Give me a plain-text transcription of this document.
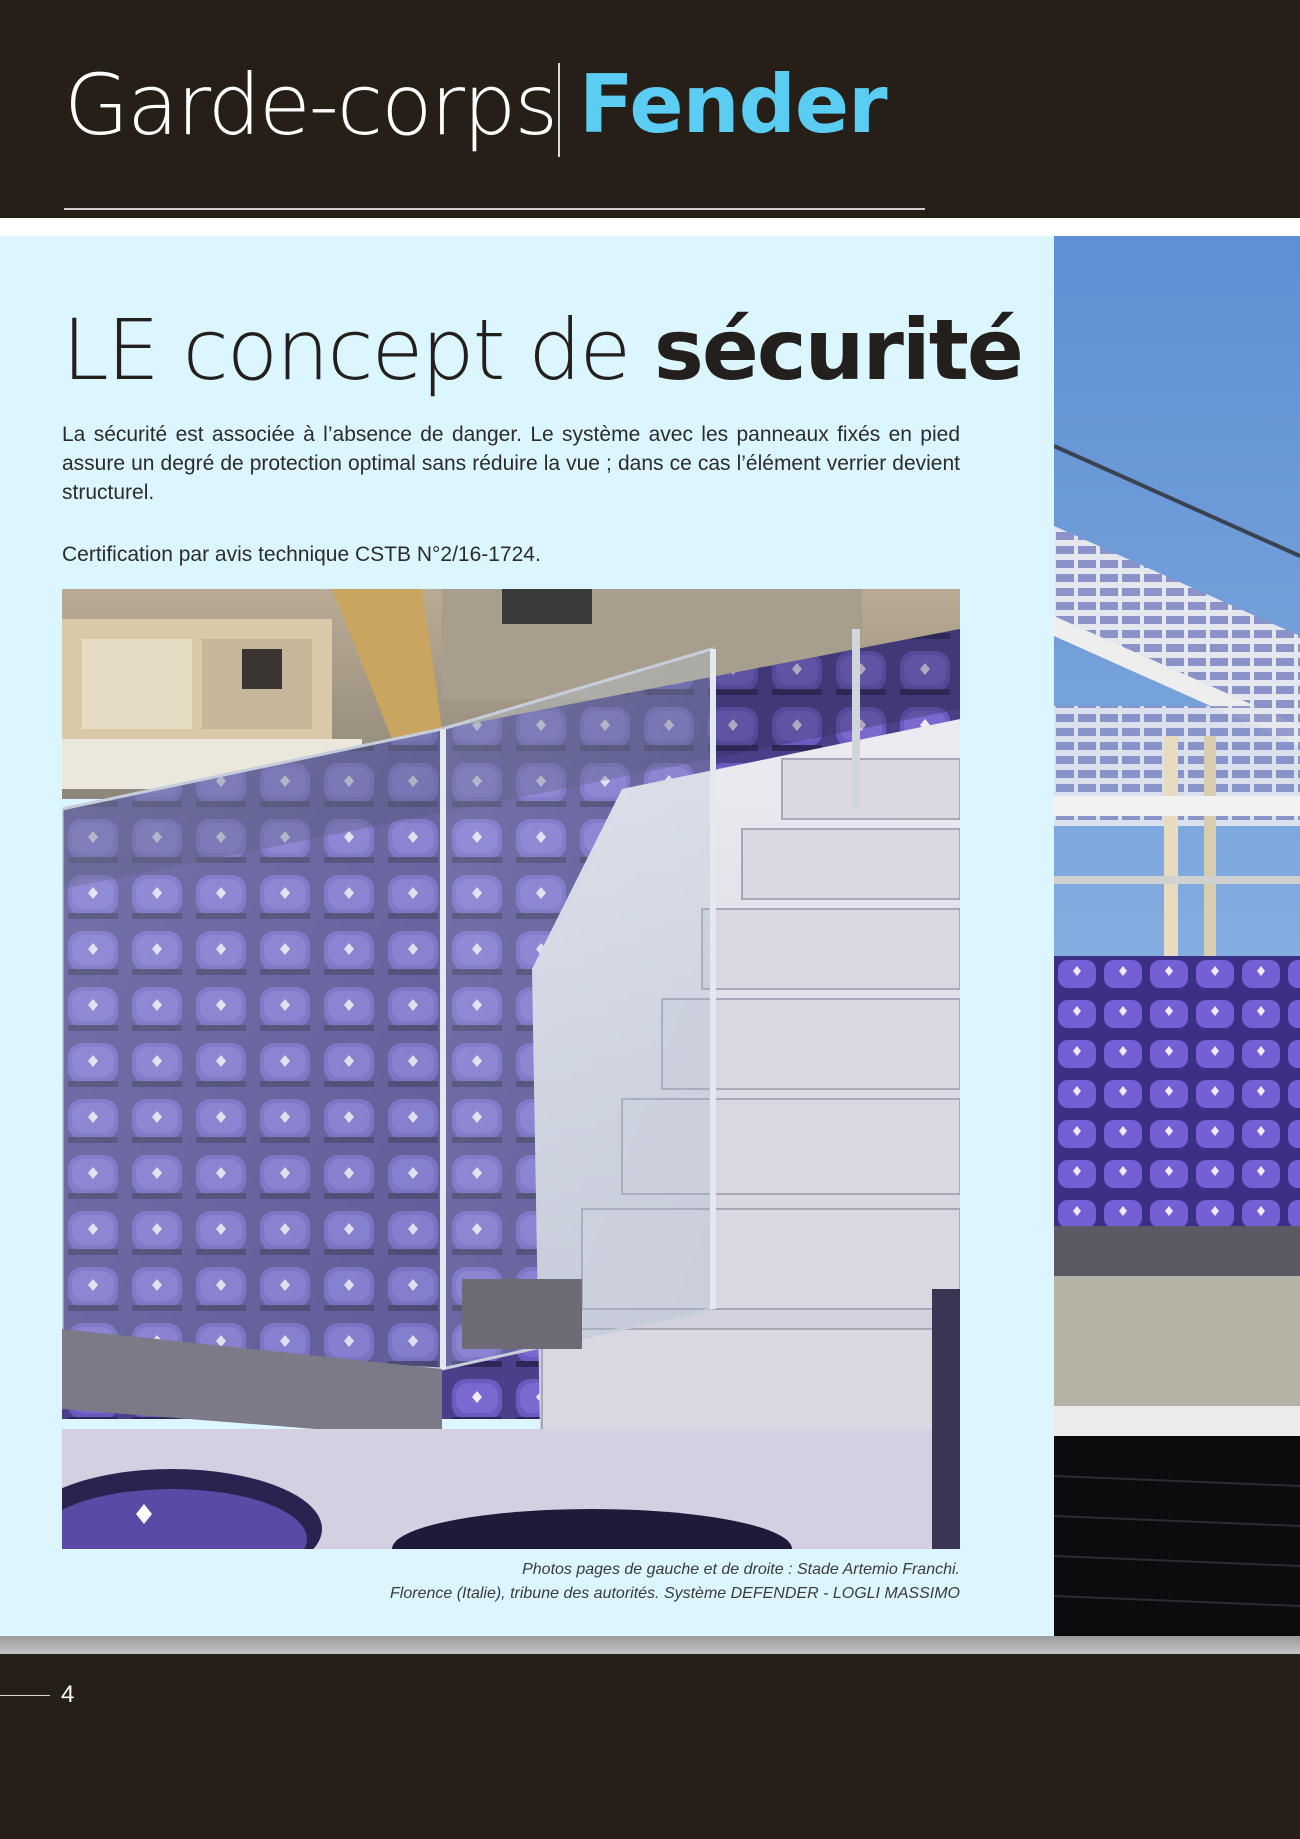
Garde-corps Fender
LE concept de sécurité

La sécurité est associée à l’absence de danger. Le système avec les panneaux fixés en pied assure un degré de protection optimal sans réduire la vue ; dans ce cas l’élément verrier devient structurel.

Certification par avis technique CSTB N°2/16-1724.

Photos pages de gauche et de droite : Stade Artemio Franchi.
Florence (Italie), tribune des autorités. Système DEFENDER - LOGLI MASSIMO
4
